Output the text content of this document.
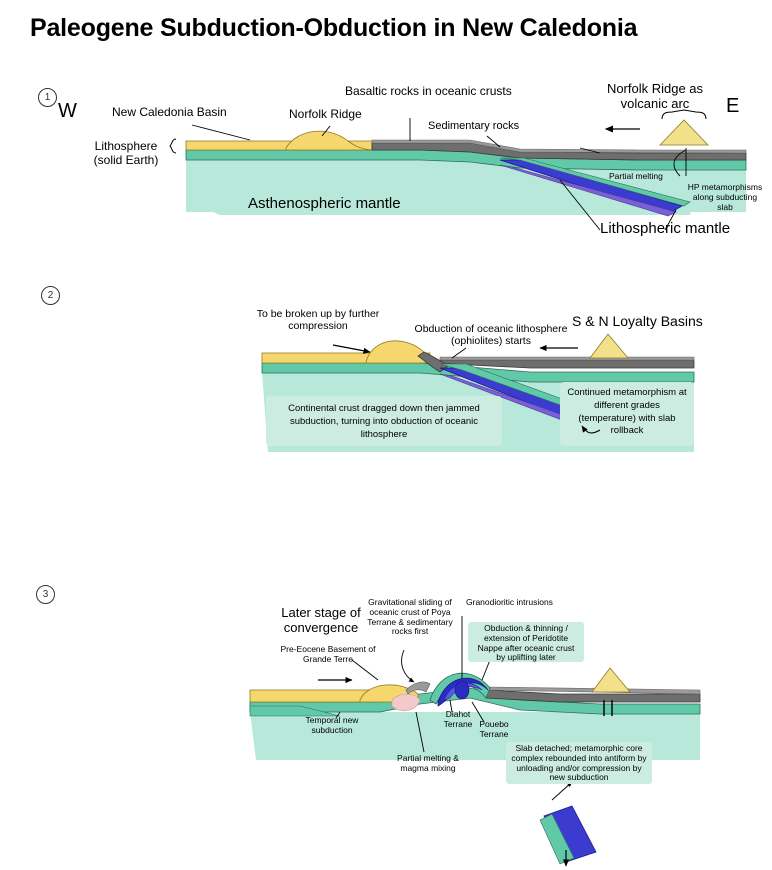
Paleogene Subduction-Obduction in New Caledonia
1
2
3
W	E
New Caledonia Basin	Norfolk Ridge
Basaltic rocks in oceanic crusts
Sedimentary rocks
Norfolk Ridge as
volcanic arc
Lithosphere
(solid Earth)
Asthenospheric mantle
Lithospheric mantle
Partial melting
HP metamorphisms
along subducting
slab
To be broken up by further
compression	Obduction of oceanic lithosphere
(ophiolites) starts
S & N Loyalty Basins
Continental crust dragged down then jammed
subduction, turning into obduction of oceanic
lithosphere
Continued metamorphism at
different grades
(temperature) with slab
rollback
Later stage of
convergence
Gravitational sliding of
oceanic crust of Poya
Terrane & sedimentary
rocks first
Granodioritic intrusions
Obduction & thinning /
extension of Peridotite
Nappe after oceanic crust
by uplifting later
Pre-Eocene Basement of
Grande Terre
Temporal new
subduction
Diahot
Terrane Pouebo
Terrane
Partial melting &
magma mixing
Slab detached; metamorphic core
complex rebounded into antiform by
unloading and/or compression by
new subduction
